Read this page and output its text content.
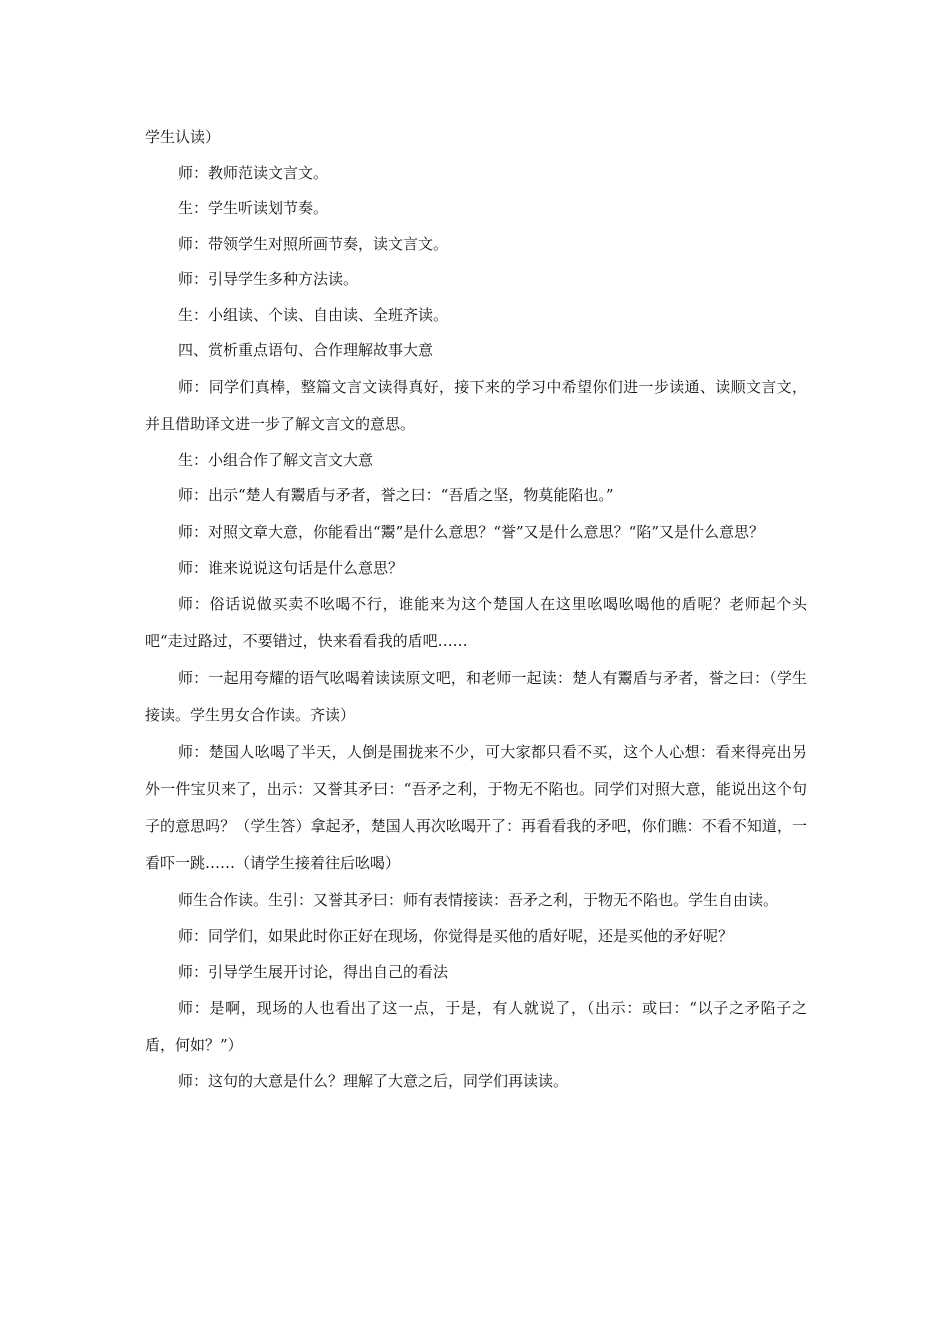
学生认读）

师：教师范读文言文。

生：学生听读划节奏。

师：带领学生对照所画节奏，读文言文。

师：引导学生多种方法读。

生：小组读、个读、自由读、全班齐读。

四、赏析重点语句、合作理解故事大意

师：同学们真棒，整篇文言文读得真好，接下来的学习中希望你们进一步读通、读顺文言文，并且借助译文进一步了解文言文的意思。

生：小组合作了解文言文大意

师：出示“楚人有鬻盾与矛者，誉之曰：“吾盾之坚，物莫能陷也。”

师：对照文章大意，你能看出“鬻”是什么意思？“誉”又是什么意思？“陷”又是什么意思？

师：谁来说说这句话是什么意思？

师：俗话说做买卖不吆喝不行，谁能来为这个楚国人在这里吆喝吆喝他的盾呢？老师起个头吧“走过路过，不要错过，快来看看我的盾吧……

师：一起用夸耀的语气吆喝着读读原文吧，和老师一起读：楚人有鬻盾与矛者，誉之曰：（学生接读。学生男女合作读。齐读）

师：楚国人吆喝了半天，人倒是围拢来不少，可大家都只看不买，这个人心想：看来得亮出另外一件宝贝来了，出示：又誉其矛曰：“吾矛之利，于物无不陷也。同学们对照大意，能说出这个句子的意思吗？（学生答）拿起矛，楚国人再次吆喝开了：再看看我的矛吧，你们瞧：不看不知道，一看吓一跳……（请学生接着往后吆喝）

师生合作读。生引：又誉其矛曰：师有表情接读：吾矛之利，于物无不陷也。学生自由读。

师：同学们，如果此时你正好在现场，你觉得是买他的盾好呢，还是买他的矛好呢？

师：引导学生展开讨论，得出自己的看法

师：是啊，现场的人也看出了这一点，于是，有人就说了，（出示：或曰：“以子之矛陷子之盾，何如？”）

师：这句的大意是什么？理解了大意之后，同学们再读读。
